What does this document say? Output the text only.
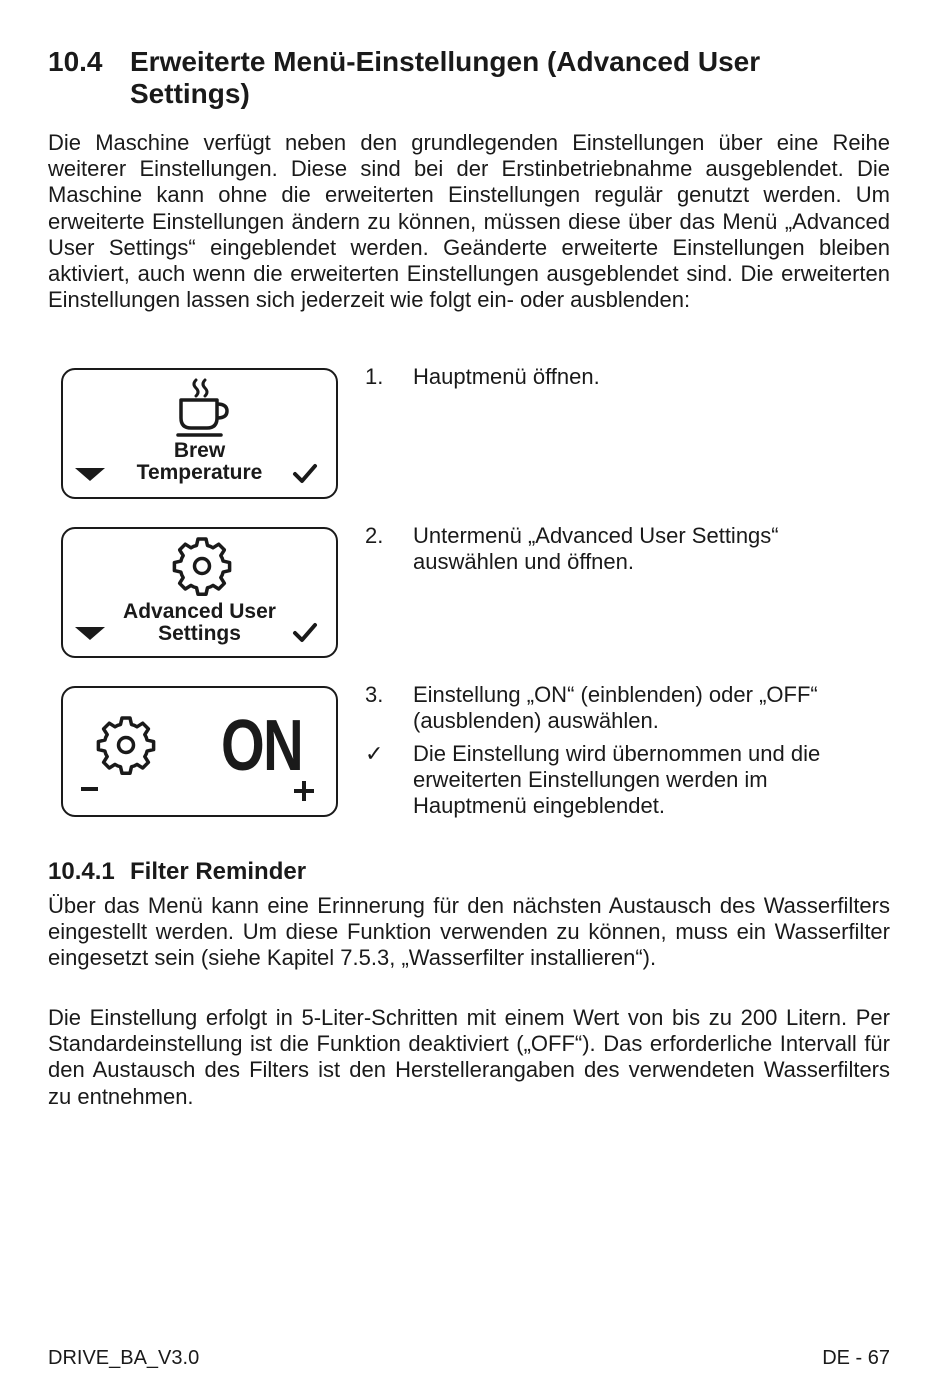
10.4 Erweiterte Menü-Einstellungen (Advanced User Settings)

Die Maschine verfügt neben den grundlegenden Einstellungen über eine Reihe weiterer Einstellungen. Diese sind bei der Erstinbetriebnahme ausgeblendet. Die Maschine kann ohne die erweiterten Einstellungen regulär genutzt werden. Um erweiterte Einstellungen ändern zu können, müssen diese über das Menü „Advanced User Settings“ eingeblendet werden. Geänderte erweiterte Einstellungen bleiben aktiviert, auch wenn die erweiterten Einstellungen ausgeblendet sind. Die erweiterten Einstellungen lassen sich jederzeit wie folgt ein- oder ausblenden:

Brew
Temperature
Advanced User
Settings
ON
1. Hauptmenü öffnen.
2. Untermenü „Advanced User Settings“ auswählen und öffnen.
3. Einstellung „ON“ (einblenden) oder „OFF“ (ausblenden) auswählen.
✓ Die Einstellung wird übernommen und die erweiterten Einstellungen werden im Hauptmenü eingeblendet.
10.4.1 Filter Reminder

Über das Menü kann eine Erinnerung für den nächsten Austausch des Wasserfilters eingestellt werden. Um diese Funktion verwenden zu können, muss ein Wasserfilter eingesetzt sein (siehe Kapitel 7.5.3, „Wasserfilter installieren“).

Die Einstellung erfolgt in 5-Liter-Schritten mit einem Wert von bis zu 200 Litern. Per Standardeinstellung ist die Funktion deaktiviert („OFF“). Das erforderliche Intervall für den Austausch des Filters ist den Herstellerangaben des verwendeten Wasserfilters zu entnehmen.

DRIVE_BA_V3.0	DE - 67
